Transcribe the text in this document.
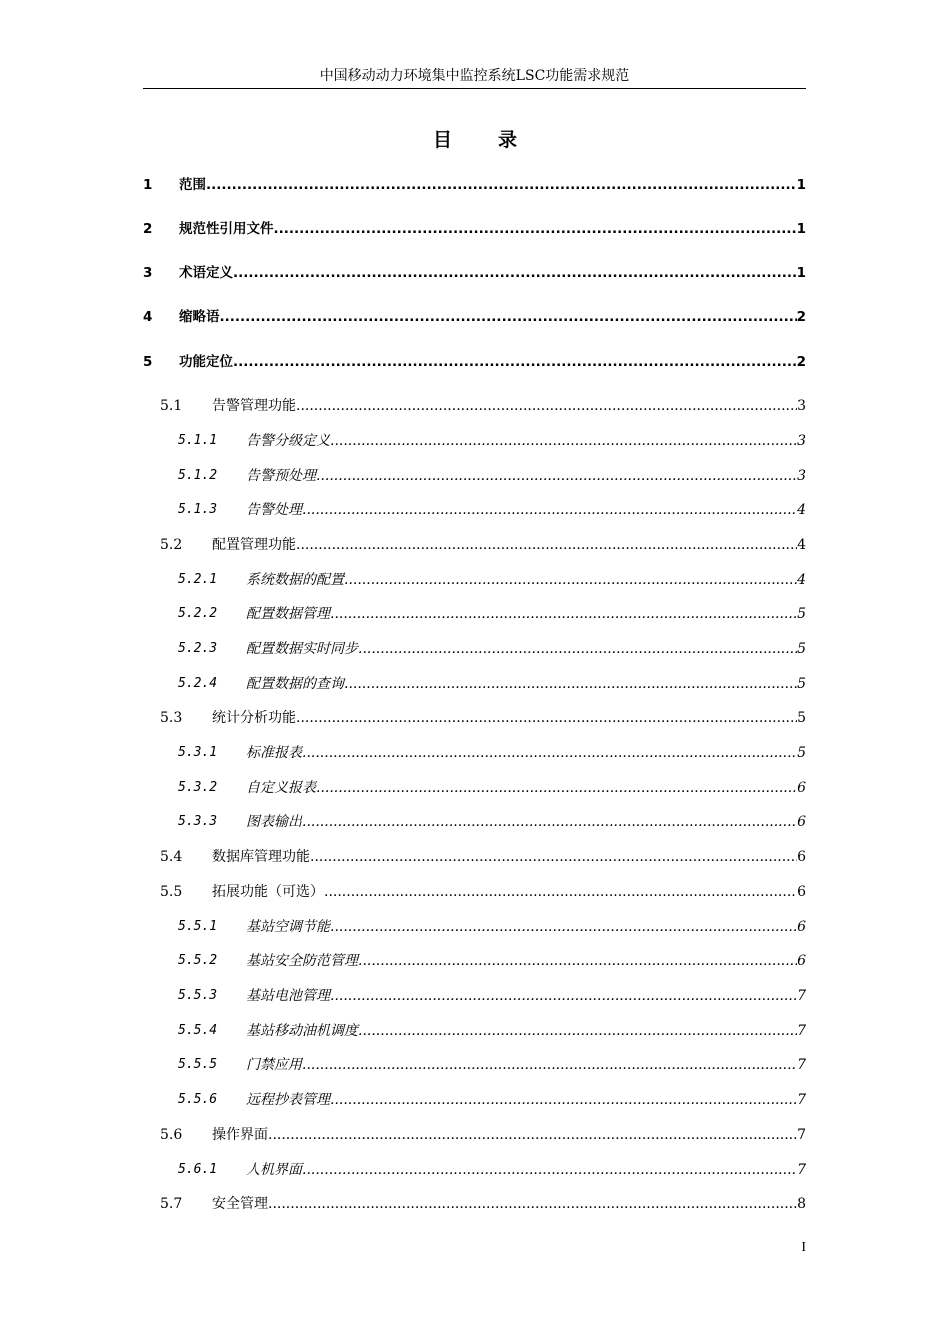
中国移动动力环境集中监控系统LSC功能需求规范
目 录
1	范围 .....	1
2	规范性引用文件 .....	1
3	术语定义 .....	1
4	缩略语 .....	2
5	功能定位 .....	2
5.1	告警管理功能 .....	3
5.1.1	告警分级定义 .....	3
5.1.2	告警预处理 .....	3
5.1.3	告警处理 .....	4
5.2	配置管理功能 .....	4
5.2.1	系统数据的配置 .....	4
5.2.2	配置数据管理 .....	5
5.2.3	配置数据实时同步 .....	5
5.2.4	配置数据的查询 .....	5
5.3	统计分析功能 .....	5
5.3.1	标准报表 .....	5
5.3.2	自定义报表 .....	6
5.3.3	图表输出 .....	6
5.4	数据库管理功能 .....	6
5.5	拓展功能（可选） .....	6
5.5.1	基站空调节能 .....	6
5.5.2	基站安全防范管理 .....	6
5.5.3	基站电池管理 .....	7
5.5.4	基站移动油机调度 .....	7
5.5.5	门禁应用 .....	7
5.5.6	远程抄表管理 .....	7
5.6	操作界面 .....	7
5.6.1	人机界面 .....	7
5.7	安全管理 .....	8
I
